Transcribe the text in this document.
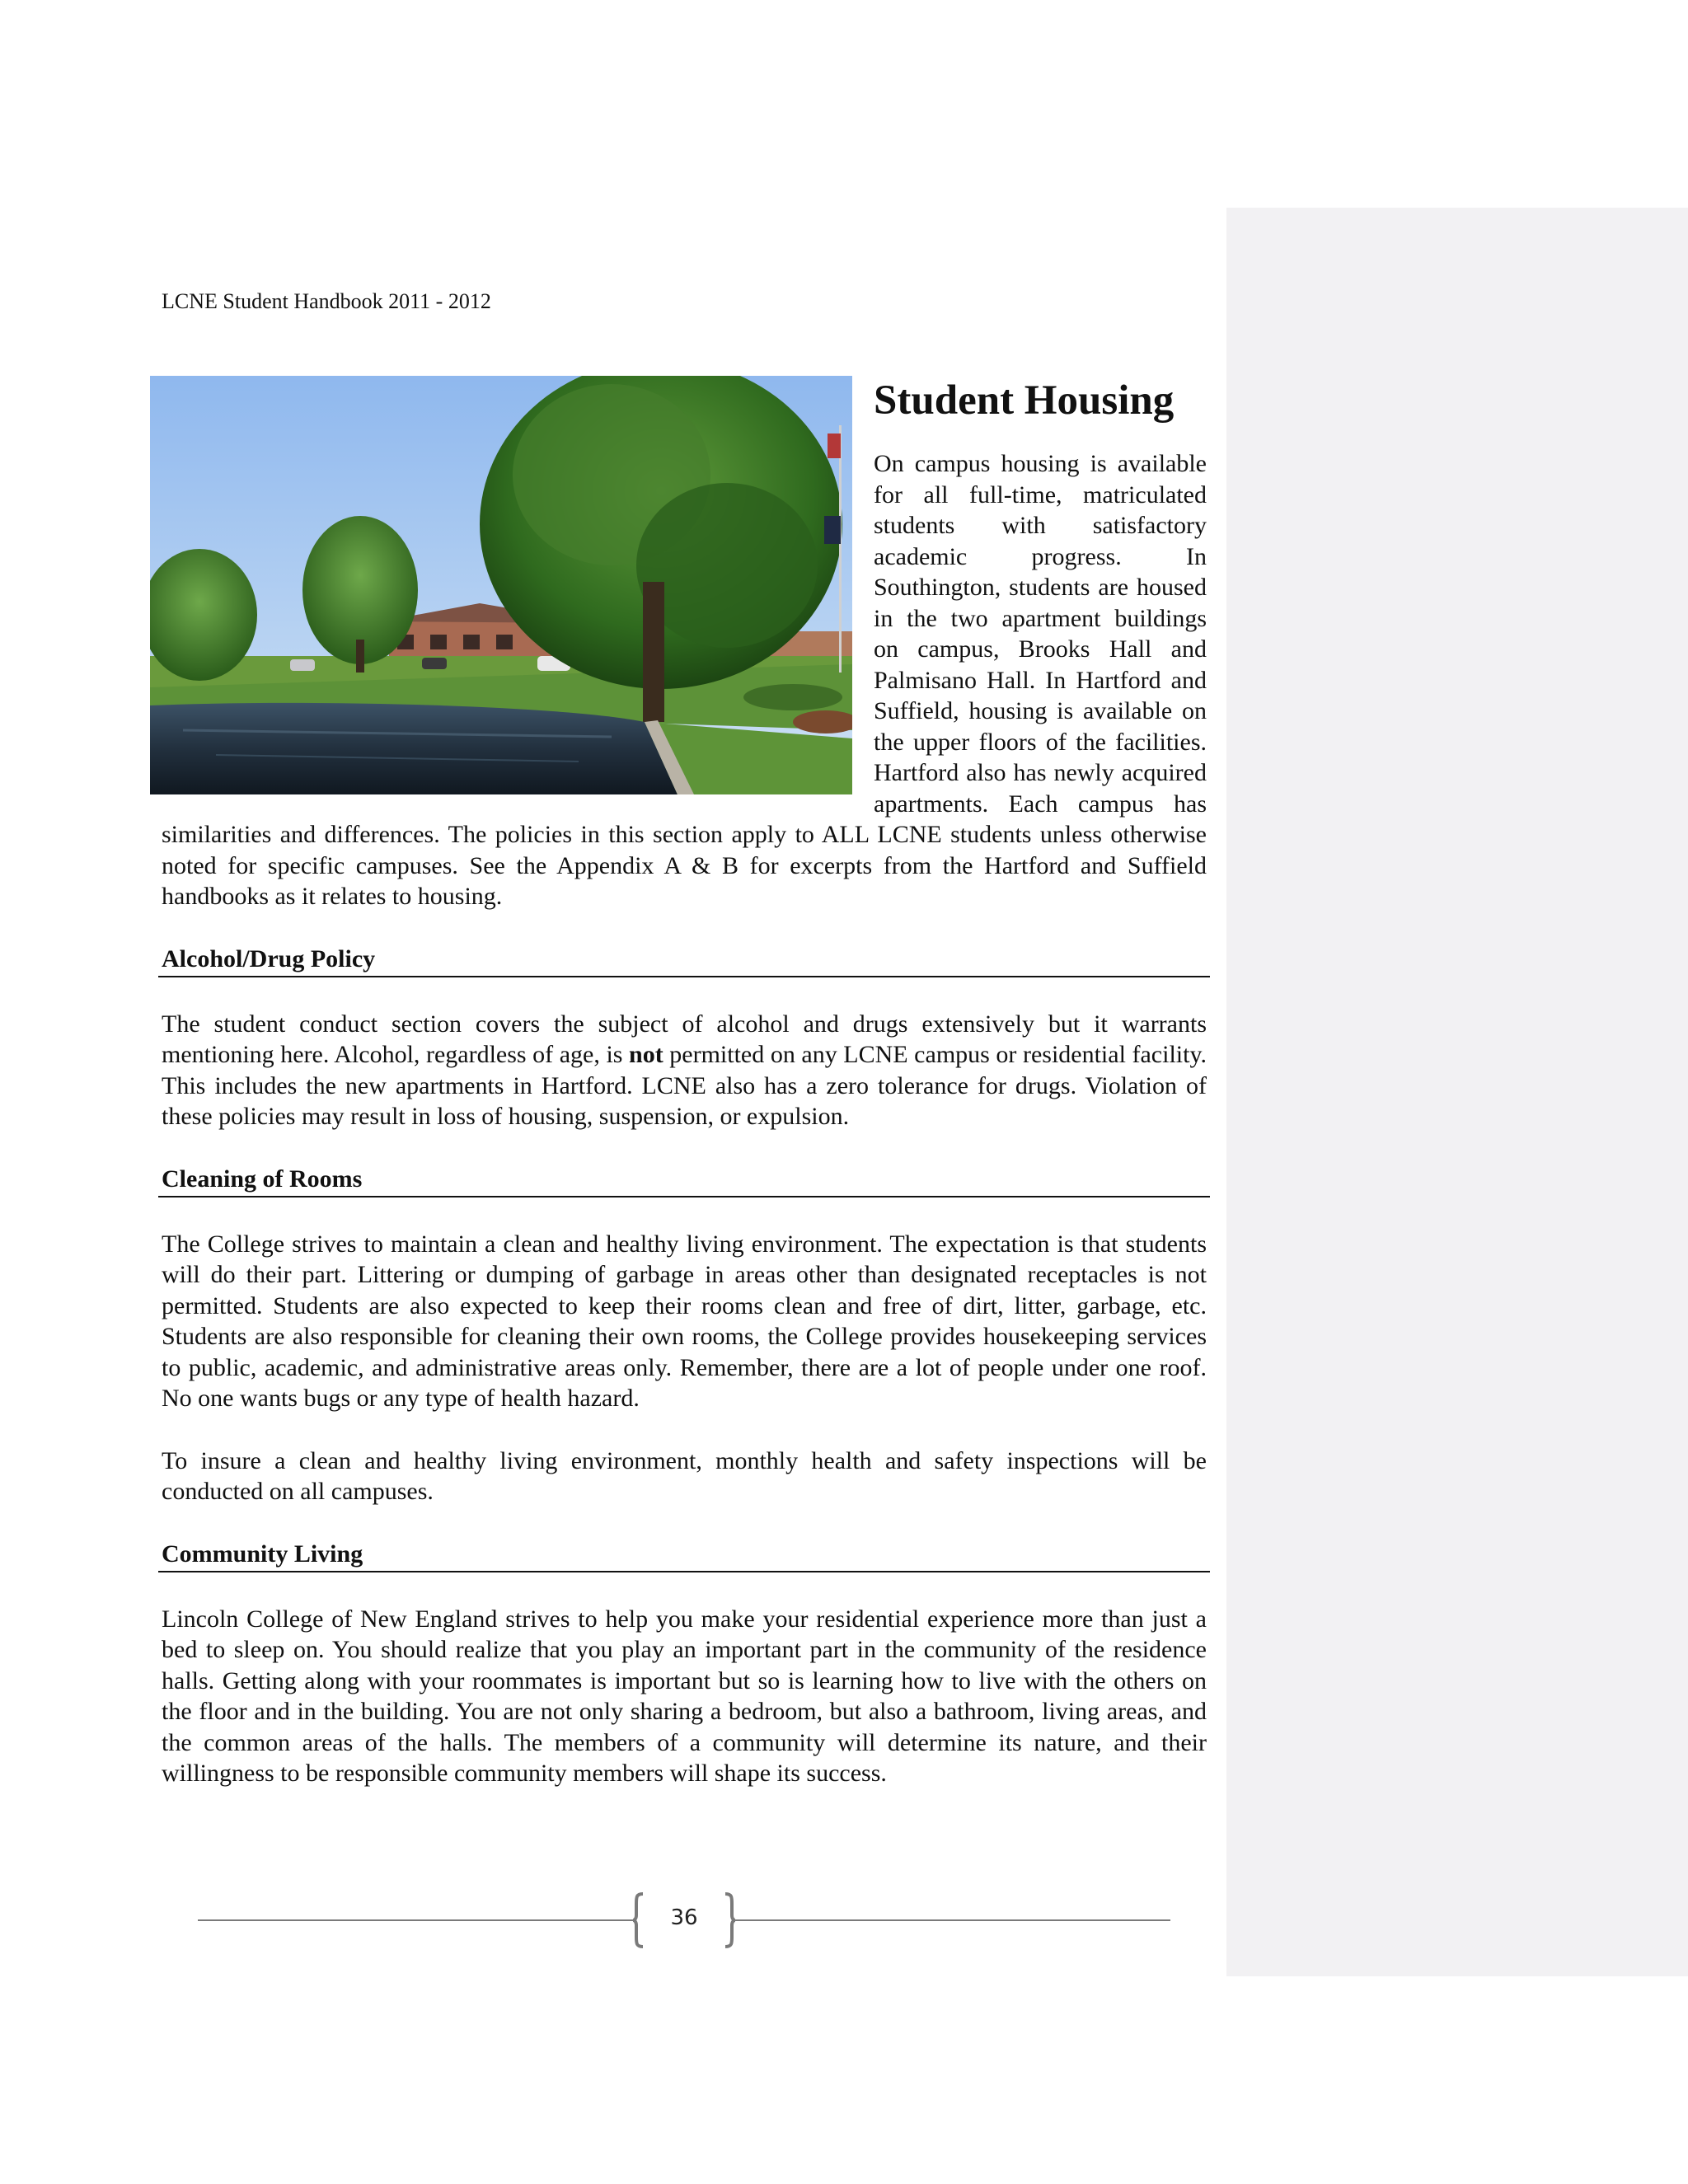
LCNE Student Handbook 2011 - 2012
Student Housing

On campus housing is available for all full-time, matriculated students with satisfactory academic progress. In Southington, students are housed in the two apartment buildings on campus, Brooks Hall and Palmisano Hall. In Hartford and Suffield, housing is available on the upper floors of the facilities. Hartford also has newly acquired apartments. Each campus has similarities and differences. The policies in this section apply to ALL LCNE students unless otherwise noted for specific campuses. See the Appendix A & B for excerpts from the Hartford and Suffield handbooks as it relates to housing.

Alcohol/Drug Policy

The student conduct section covers the subject of alcohol and drugs extensively but it warrants mentioning here. Alcohol, regardless of age, is not permitted on any LCNE campus or residential facility. This includes the new apartments in Hartford. LCNE also has a zero tolerance for drugs. Violation of these policies may result in loss of housing, suspension, or expulsion.

Cleaning of Rooms

The College strives to maintain a clean and healthy living environment. The expectation is that students will do their part. Littering or dumping of garbage in areas other than designated receptacles is not permitted. Students are also expected to keep their rooms clean and free of dirt, litter, garbage, etc. Students are also responsible for cleaning their own rooms, the College provides housekeeping services to public, academic, and administrative areas only. Remember, there are a lot of people under one roof. No one wants bugs or any type of health hazard.

To insure a clean and healthy living environment, monthly health and safety inspections will be conducted on all campuses.

Community Living

Lincoln College of New England strives to help you make your residential experience more than just a bed to sleep on. You should realize that you play an important part in the community of the residence halls. Getting along with your roommates is important but so is learning how to live with the others on the floor and in the building. You are not only sharing a bedroom, but also a bathroom, living areas, and the common areas of the halls. The members of a community will determine its nature, and their willingness to be responsible community members will shape its success.

36
